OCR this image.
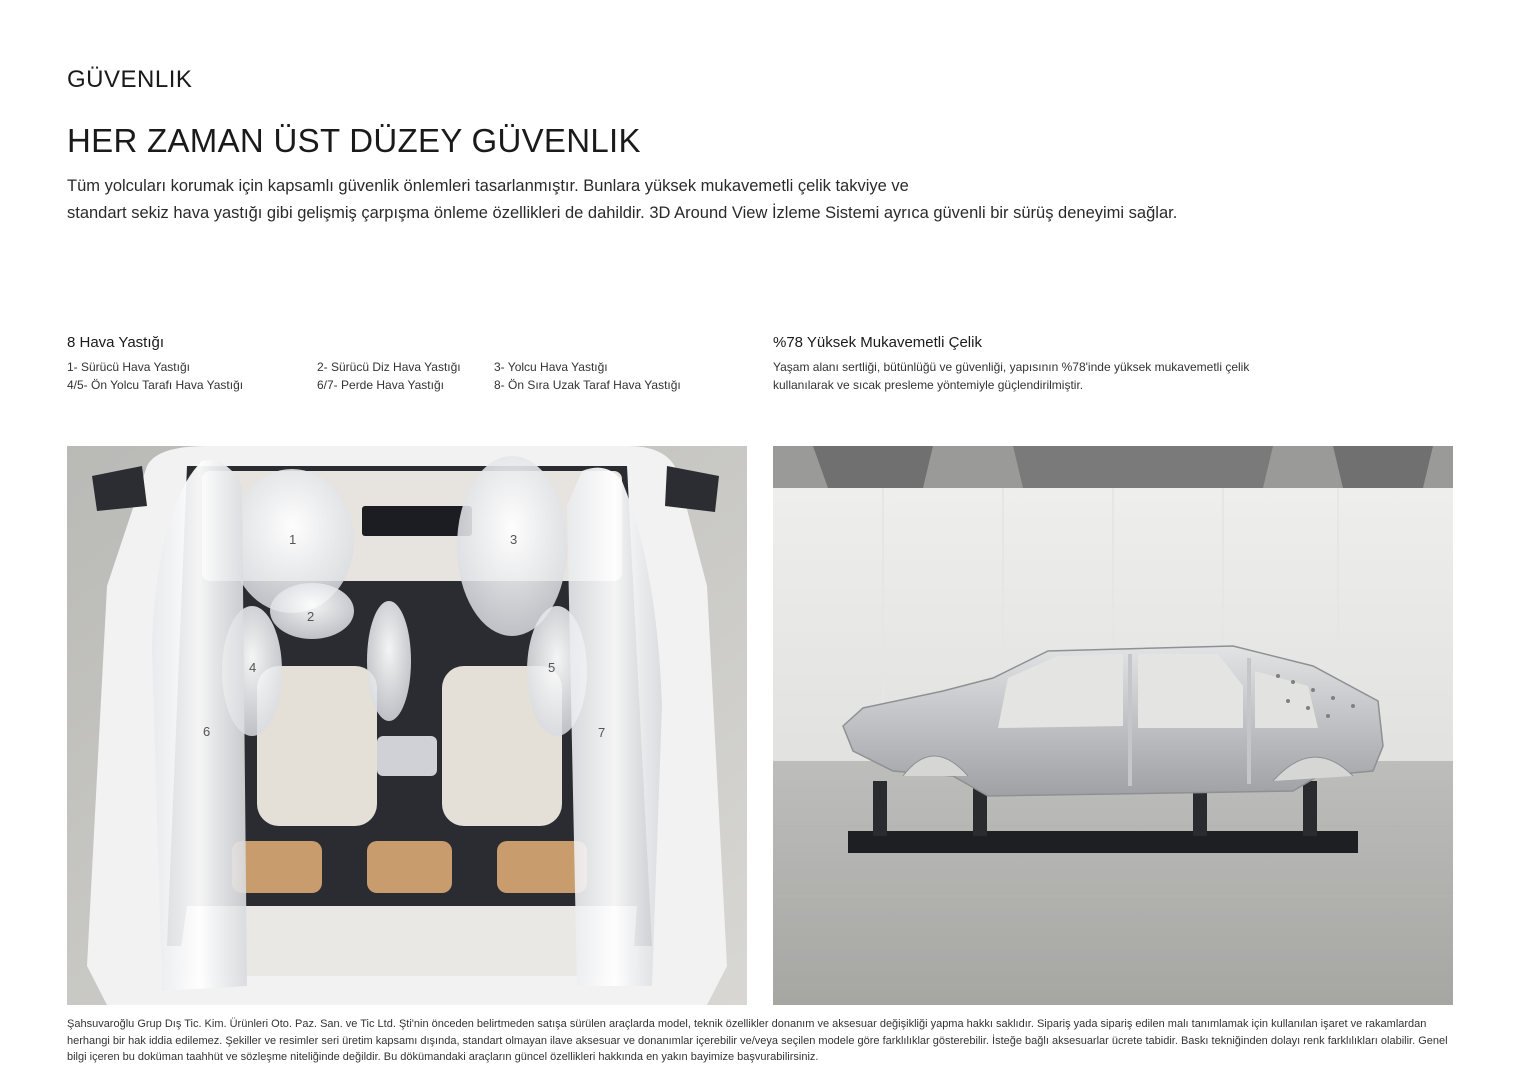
GÜVENLIK
HER ZAMAN ÜST DÜZEY GÜVENLIK

Tüm yolcuları korumak için kapsamlı güvenlik önlemleri tasarlanmıştır. Bunlara yüksek mukavemetli çelik takviye ve
standart sekiz hava yastığı gibi gelişmiş çarpışma önleme özellikleri de dahildir. 3D Around View İzleme Sistemi ayrıca güvenli bir sürüş deneyimi sağlar.

8 Hava Yastığı
1- Sürücü Hava Yastığı	2- Sürücü Diz Hava Yastığı	3- Yolcu Hava Yastığı
4/5- Ön Yolcu Tarafı Hava Yastığı	6/7- Perde Hava Yastığı	8- Ön Sıra Uzak Taraf Hava Yastığı
%78 Yüksek Mukavemetli Çelik
Yaşam alanı sertliği, bütünlüğü ve güvenliği, yapısının %78'inde yüksek mukavemetli çelik
kullanılarak ve sıcak presleme yöntemiyle güçlendirilmiştir.
1
2
3
4	5
6	7

Şahsuvaroğlu Grup Dış Tic. Kim. Ürünleri Oto. Paz. San. ve Tic Ltd. Şti'nin önceden belirtmeden satışa sürülen araçlarda model, teknik özellikler donanım ve aksesuar değişikliği yapma hakkı saklıdır. Sipariş yada sipariş edilen malı tanımlamak için kullanılan işaret ve rakamlardan herhangi bir hak iddia edilemez. Şekiller ve resimler seri üretim kapsamı dışında, standart olmayan ilave aksesuar ve donanımlar içerebilir ve/veya seçilen modele göre farklılıklar gösterebilir. İsteğe bağlı aksesuarlar ücrete tabidir. Baskı tekniğinden dolayı renk farklılıkları olabilir. Genel bilgi içeren bu doküman taahhüt ve sözleşme niteliğinde değildir. Bu dökümandaki araçların güncel özellikleri hakkında en yakın bayimize başvurabilirsiniz.
